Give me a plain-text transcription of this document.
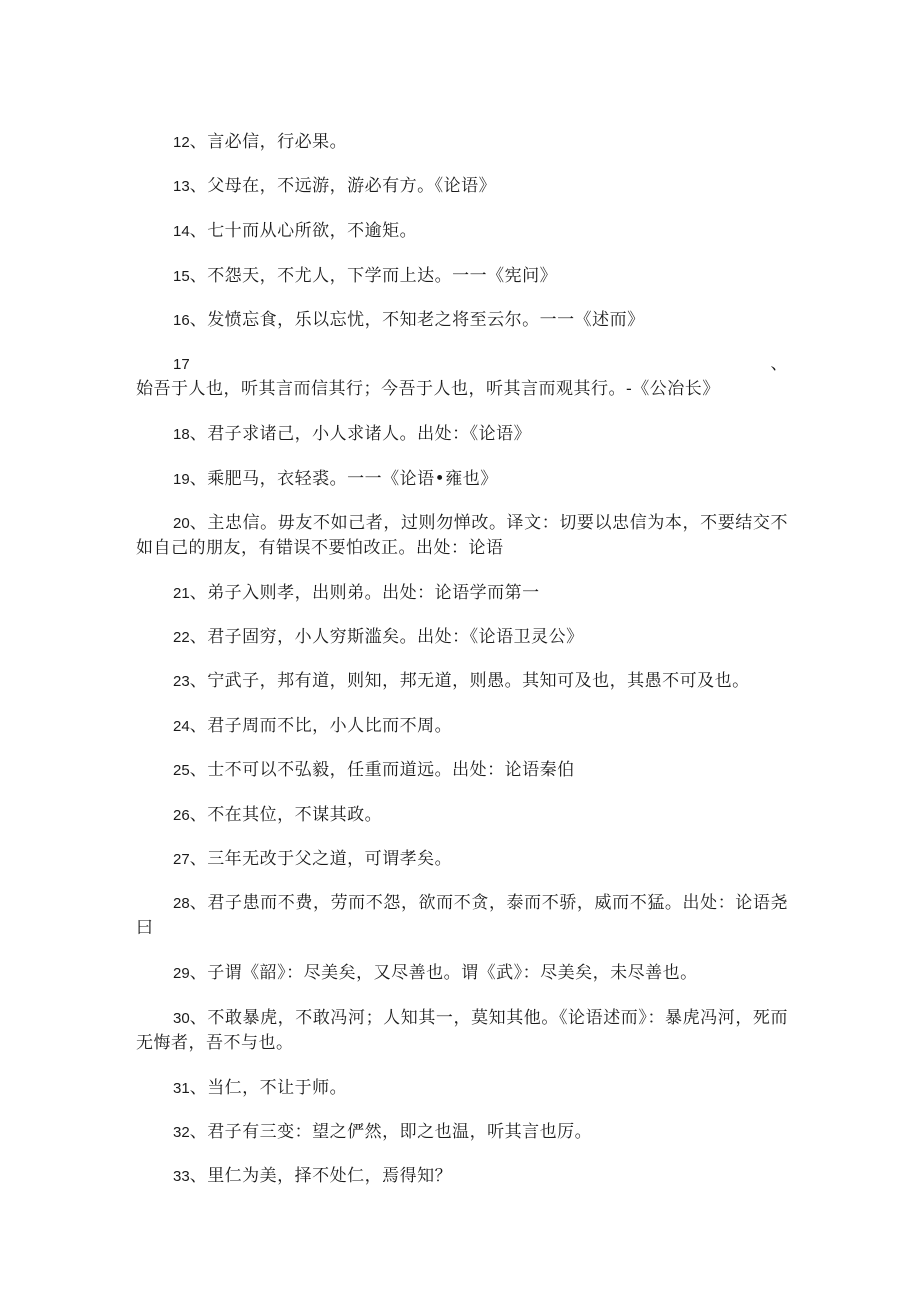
12、言必信，行必果。

13、父母在，不远游，游必有方。《论语》

14、七十而从心所欲，不逾矩。

15、不怨天，不尤人，下学而上达。一一《宪问》

16、发愤忘食，乐以忘忧，不知老之将至云尔。一一《述而》

17、始吾于人也，听其言而信其行；今吾于人也，听其言而观其行。-《公冶长》

18、君子求诸己，小人求诸人。出处：《论语》

19、乘肥马，衣轻裘。一一《论语•雍也》

20、主忠信。毋友不如己者，过则勿惮改。译文：切要以忠信为本，不要结交不如自己的朋友，有错误不要怕改正。出处：论语

21、弟子入则孝，出则弟。出处：论语学而第一

22、君子固穷，小人穷斯滥矣。出处：《论语卫灵公》

23、宁武子，邦有道，则知，邦无道，则愚。其知可及也，其愚不可及也。

24、君子周而不比，小人比而不周。

25、士不可以不弘毅，任重而道远。出处：论语秦伯

26、不在其位，不谋其政。

27、三年无改于父之道，可谓孝矣。

28、君子患而不费，劳而不怨，欲而不贪，泰而不骄，威而不猛。出处：论语尧曰

29、子谓《韶》：尽美矣，又尽善也。谓《武》：尽美矣，未尽善也。

30、不敢暴虎，不敢冯河；人知其一，莫知其他。《论语述而》：暴虎冯河，死而无悔者，吾不与也。

31、当仁，不让于师。

32、君子有三变：望之俨然，即之也温，听其言也厉。

33、里仁为美，择不处仁，焉得知？
